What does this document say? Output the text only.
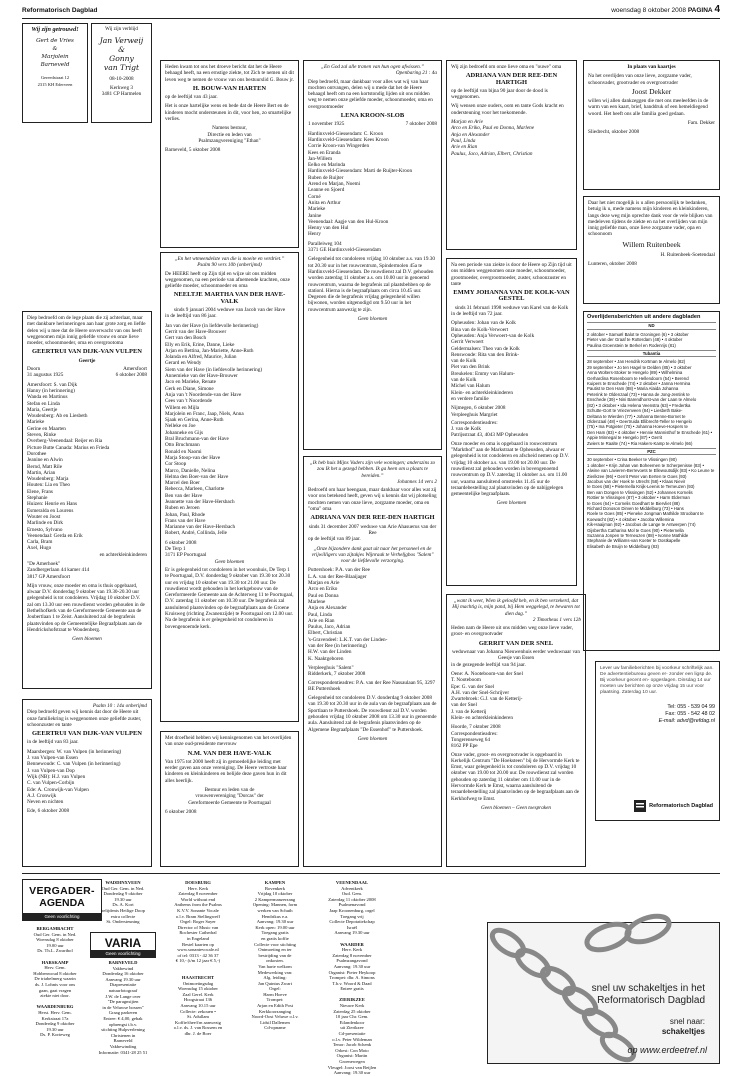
Reformatorisch Dagblad	woensdag 8 oktober 2008 PAGINA 4
Wij zijn getrouwd!
Gert de Vries
&
Marjolein Barneveld
Gereedstraat 12
2315 KH Ederveen
Wij zijn verblijd
Jan Verweij
&
Gonny
van Trigt
08-10-2008
Kerkweg 3
3481 CP Harmelen

Diep bedroefd om de lege plaats die zij achterlaat, maar met dankbare herinneringen aan haar grote zorg en liefde delen wij u mee dat de Heere onverwacht van ons heeft weggenomen mijn innig geliefde vrouw en onze lieve moeder, schoonmoeder, oma en overgrootoma

GEERTRUI VAN DIJK-VAN VULPEN
Geertje
Doorn	Amersfoort
31 augustus 1925	6 oktober 2008
Amersfoort: S. van Dijk
Hanny (in herinnering)
Wanda en Martinus
Stefan en Linda
Maria, Geertje
Woudenberg: Ab en Liesbeth
Marieke
Gerine en Maarten
Steven, Rinke
Overberg-Veenendaal: Reijer en Ria
Picture Butte Canada: Marius en Frieda
Dorothee
Jeanine en Alwin
Bernd, Matt Rile
Martin, Arian
Woudenberg: Marja
Houten: Lia en Theo
Elene, Frans
Stephanie
Huizen: Henrie en Hans
Esmeralda en Lourens
Wouter en Joost
Marlinde en Dirk
Ernesto, Sylvano
Veenendaal: Gerda en Erik
Carla, Bram
Axel, Hugo
en achterkleinkinderen
"De Amerhoek"
Zandbergerlaan 44 kamer 414
3817 GP Amersfoort

Mijn vrouw, onze moeder en oma is thuis opgebaard, alwaar D.V. donderdag 9 oktober van 19.30-20.30 uur gelegenheid is tot condoleren. Vrijdag 10 oktober D.V. zal om 13.30 uur een rouwdienst worden gehouden in de Bethelhofkerk van de Gereformeerde Gemeente aan de Joubertlaan 1 te Zeist. Aansluitend zal de begrafenis plaatsvinden op de Gemeentelijke Begraafplaats aan de Hendrickshofstraat te Woudenberg.

Geen bloemen
Psalm 10 : 14a onberijmd

Diep bedroefd geven wij kennis dat door de Heere uit onze familiekring is weggenomen onze geliefde zuster, schoonzuster en tante

GEERTRUI VAN DIJK-VAN VULPEN

in de leeftijd van 83 jaar.

Maarsbergen: W. van Vulpen (in herinnering)
J. van Vulpen-van Essen
Bennewoude: C. van Vulpen (in herinnering)
J. van Vulpen-van Dop
Wijk (NB): H.J. van Vulpen
C. van Vulpen-Corbijn
Ede: A. Cronwijk-van Vulpen
A.J. Cronwijk
Neven en nichten
Ede, 6 oktober 2008

Heden kwam tot ons het droeve bericht dat het de Heere behaagd heeft, na een ernstige ziekte, tot Zich te nemen uit dit leven weg te nemen de vrouw van ons bestuurslid G. Bouw jr.

H. BOUW-VAN HARTEN

op de leeftijd van 43 jaar.

Het is onze hartelijke wens en bede dat de Heere Bert en de kinderen mocht ondersteunen in dit, voor hen, zo smartelijke verlies.

Namens bestuur,
Directie en leden van
Psalmzangvereniging "Ethan"
Barneveld, 5 oktober 2008
„En het wtmeendelste van die is moeite en verdriet.”
Psalm 90 vers 10b (onberijmd)

De HEERE heeft op Zijn tijd en wijze uit ons midden weggenomen, na een periode van afnemende krachten, onze geliefde moeder, schoonmoeder en oma

NEELTJE MARTHA VAN DER HAVE-VALK
sinds 9 januari 2004 weduwe van Jacob van der Have

in de leeftijd van 86 jaar.

Jan van der Have (in liefdevolle herinnering)
Gerrit van der Have-Brouwer
Gert van den Bosch
Elly en Erik, Erine, Danne, Lieke
Arjan en Bettina, Jan-Mariette, Anne-Ruth
Jolanda en Alfred, Maurice, Julian
Gerard en Wendy
Siem van der Have (in liefdevolle herinnering)
Annemieke van der Have-Brouwer
Jaco en Marieke, Renate
Gerk en Diane, Simone
Anja van 't Noordende-van der Have
Cees van 't Noordende
Willem en Mijla
Marjolein en Franc, Jaap, Niels, Anna
Sjaak en Gerina, Anne-Ruth
Nelleke en Joe
Johanneke en Gijs
Bral Bruchmann-van der Have
Otto Bruchmann
Ronald en Naomi
Marja Stoop-van der Have
Cor Stoop
Marco, Danielle, Nelina
Helma den Boer-van der Have
Marcel den Boer
Rebecca, Marleen, Charlotte
Ben van der Have
Jeannette van der Have-Hersbach
Ruben en Jeroen
Johan, Paul, Rhode
Frans van der Have
Marianne van der Have-Hersbach
Robert, André, Collinda, Jelle
6 oktober 2008
De Terp 1
3171 EP Poortugaal
Geen bloemen

Er is gelegenheid tot condoleren in het woonhuis, De Terp 1 te Poortugaal, D.V. donderdag 9 oktober van 19.30 tot 20.30 uur en vrijdag 10 oktober van 19.30 tot 21.00 uur. De rouwdienst wordt gehouden in het kerkgebouw van de Gereformeerde Gemeente aan de Achterweg 11 te Poortugaal, D.V. zaterdag 11 oktober om 10.30 uur. De begrafenis zal aansluitend plaatsvinden op de begraafplaats aan de Groene Kruisweg (richting Zwanenzijde) te Poortugaal om 12.00 uur. Na de begrafenis is er gelegenheid tot condoleren in bovengenoemde kerk.

Met droefheid hebben wij kennisgenomen van het overlijden van onze oud-presidente mevrouw

N.M. VAN DER HAVE-VALK

Van 1975 tot 2000 heeft zij in gemoedelijke leiding met eerder gaven aan onze vereniging. De Heere vertroste haar kinderen en kleinkinderen en belijde deze gaven hun in dit alles heerlijk.

Bestuur en leden van de
vrouwenvereniging "Dorcas" der
Gereformeerde Gemeente te Poortugaal
6 oktober 2008
„En God zal alle tranen van hun ogen afwissen.”
Openbaring 21 : 4a

Diep bedroefd, maar dankbaar voor alles wat wij van haar mochten ontvangen, delen wij u mede dat het de Heere behaagd heeft om na een kortstondig lijden uit ons midden weg te nemen onze geliefde moeder, schoonmoeder, oma en overgrootmoeder

LENA KROON-SLOB
1 november 1925	7 oktober 2008
Hardinxveld-Giessendam: C. Kroon
Hardinxveld-Giessendam: Kees Kroon
Corrie Kroon-van Wingerden
Kees en Eranda
Jan-Willem
Eelko en Marinda
Hardinxveld-Giessendam: Marti de Ruijter-Kroon
Ruben de Ruijter
Arend en Marjan, Noemi
Leanne en Sjoerd
Corné
Anita en Arthur
Marieke
Janine
Veenendaal: Aagje van den Hul-Kroon
Henny van den Hul
Henry
Paralleiweg 104
3371 GE Hardinxveld-Giessendam

Gelegenheid tot condoleren vrijdag 10 oktober a.s. van 19.30 tot 20.30 uur in het rouwcentrum, Spindermolen 45a te Hardinxveld-Giessendam. De rouwdienst zal D.V. gehouden worden zaterdag 11 oktober a.s. om 10.00 uur in genoemd rouwcentrum, waarna de begrafenis zal plaatsbehben op de stationl. Hierna is de begraafplaats om circa 10.45 uur. Degenen die de begrafenis vrijdag gelegenheid willen bijwonen, worden uitgenodigd om 9.50 uur in het rouwcentrum aanwezig te zijn.

Geen bloemen
„Ik heb huis Mijns Vaders zijn vele woningen; anderszins zo zou Ik het u gezegd hebben. Ik ga heen om u plaats te bereiden.”
Johannes 14 vers 2

Bedroefd om haar heengaan, maar dankbaar voor alles wat zij voor ons betekend heeft, geven wij u kennis dat wij plotseling mochten nemen van onze lieve, zorgzame moeder, oma en "oma" oma

ADRIANA VAN DER REE-DEN HARTIGH
sinds 31 december 2007 weduwe van Arie Ahasuerus van der Ree

op de leeftijd van 89 jaar.

„Onze bijzondere dank gaat uit naar het personeel en de vrijwilligers van zijtakjes Wijnraak te Verheljgbos "Salem" voor de liefdevolle verzorging.

Puttershoek: P.A. van der Ree
L.A. van der Ree-Blaaijager
Marjan en Arie
Arco en Eriko
Paul en Donna
Marlene
Anja en Alexander
Paul, Linda
Arie en Rian
Paulus, Jaco, Adrian
Elbert, Christian
's-Gravendeel: L.K.T. van der Linden-
van der Ree (in herinnering)
H.W. van der Linden
K. Naaktgeboren
Verpleeghuis "Salem"
Ridderkerk, 7 oktober 2008

Correspondentieadres: P.A. van der Ree Nassaulaan 95, 3297 BE Puttershoek

Gelegenheid tot condoleren D.V. donderdag 9 oktober 2008 van 19.30 tot 20.30 uur in de aula van de begraafplaats aan de Sportlaan te Puttershoek. De rouwdienst zal D.V. worden gehouden vrijdag 10 oktober 2008 om 13.30 uur in genoemde aula. Aansluitend zal de begrafenis plaatsvinden op de Algemene Begraafplaats "De Essenhof" te Puttershoek.

Geen bloemen

Wij zijn bedroefd om onze lieve oma en "ouwe" oma

ADRIANA VAN DER REE-DEN HARTIGH

op de leeftijd van bijna 90 jaar door de dood is weggenomen.

Wij wensen onze ouders, oom en tante Gods kracht en ondersteuning voor het toekomende.

Marjan en Arie
Arco en Eriko, Paul en Donna, Marlene
Anja en Alexander
Paul, Linda
Arie en Rian
Paulus, Jaco, Adrian, Elbert, Christian

Na een periode van ziekte is door de Heere op Zijn tijd uit ons midden weggenomen onze moeder, schoonmoeder, grootmoeder, overgrootmoeder, zuster, schoonzuster en tante

EMMY JOHANNA VAN DE KOLK-VAN GESTEL
sinds 31 februari 1998 weduwe van Karel van de Kolk

in de leeftijd van 72 jaar.

Opheusden: Johan van de Kolk
Bina van de Kolk-Verwoert
Opheusden: Anja Verwoert-van de Kolk
Gerrit Verwoert
Geldermalsen: Theo van de Kolk
Renswoude: Rita van den Brink-
van de Kolk
Piet van den Brink
Breukelen: Emmy van Halum-
van de Kolk
Michel van Halum
Klein- en achterkleinkinderen
en verdere familie
Nijmegen, 6 oktober 2008
Verpleeghuis Margriet
Correspondentieadres:
J. van de Kolk
Patrijsstraat 43, 4043 MP Opheusden

Onze moeder en oma is opgebaard in rouwcentrum "Markthof" aan de Markstraat te Opheusden, alwaar er gelegenheid is tot condoleren en afscheid nemen op D.V. vrijdag 10 oktober a.s. van 19.00 tot 20.00 uur. De rouwdienst zal gehouden worden in bovengenoemd rouwcentrum op D.V. zaterdag 11 oktober a.s. om 11.00 uur, waarna aansluitend omstreeks 11.45 uur de teraardebestelling zal plaatsvinden op de nabijgelegen gemeentelijke begraafplaats.

Geen bloemen
„want ik weet, Wien ik geloofd heb, en ik ben verzekerd, dat Hij machtig is, mijn pand, bij Hem weggelegd, te bewaren tot dien dag.”
2 Timotheus 1 vers 12b

Heden nam de Heere uit ons midden weg onze lieve vader, groot- en overgrootvader

GERRIT VAN DER SNEL
weduwnaar van Johanna Nieuwenhuis eerder weduwnaar van Geesje van Essen

in de gezegende leeftijd van 94 jaar.

Oene: A. Nooteboom-van der Snel
T. Nooteboom
Epe: G. van der Snel
A.H. van der Snel-Schrijver
Zwartebroek: G.J. van de Ketterij-
van der Snel
J. van de Ketterij
Klein- en achterkleinkinderen
Hoorde, 7 oktober 2008
Correspondentieadres:
Tongerenseweg 64
8162 PP Epe

Onze vader, groot- en overgrootvader is opgebaard in Kerkelijk Centrum "De Hoeksteen" bij de Hervormde Kerk te Emst, waar gelegenheid is tot condoleren op D.V. vrijdag 10 oktober van 19.00 tot 20.00 uur. De rouwdienst zal worden gehouden op zaterdag 11 oktober om 11.00 uur in de Hervormde Kerk te Emst, waarna aansluitend de teraardebestelling zal plaatsvinden op de begraafplaats aan de Kerkhofweg te Emst.

Geen bloemen – Geen toespraken
In plaats van kaartjes

Na het overlijden van onze lieve, zorgzame vader, schoonvader, grootvader en overgrootvader

Joost Dekker

willen wij allen dankzeggen die met ons meeleefden in de warm van een kaart, brief, handdruk of een hemeldiegend woord. Het heeft ons alle familia goed gedaan.

Fam. Dekker
Sliedrecht, oktober 2008

Daar het niet mogelijk is u allen persoonlijk te bedanken, betuig ik u, mede namens mijn kinderen en kleinkinderen, langs deze weg mijn oprechte dank voor de vele blijken van medeleven tijdens de ziekte en na het overlijden van mijn innig geliefde man, onze lieve zorgzame vader, opa en schoonoom

Willem Ruitenbeek
H. Ruitenbeek-Soetendaal
Lunteren, oktober 2008
Overlijdensberichten uit andere dagbladen
ND
2 oktober • Samuël Balot te Groningen (6) • 3 oktober
Pieter van der Graaf te Rotterdam (48) • 4 oktober
Paulina Groenstein te Berkel en Rodenrijs (81)
Tubantia
28 september • Jan Hendrik Kortman te Almelo (82)
29 september • Jo ten Hagel te Delden (85) • 3 oktober
Anna Wolters-Stoker te Hengelo (89) • Wilhelmina
Gerhardina Rosenboom te Hellendoorn (54) • Berend
Kuipers te Enschede (74) • 2 oktober • Janna Hermina
Pautist te Den Ham (88) • Maria Alaida Johanna
Peterink te Oldenzaal (73) • Hanna de Jong-Jentink te
Enschede (39) • Nini Barendhorst-van der Laan te Almelo
(82) • 3 oktober • Ida Helena Veenstra (63) • Fredertka
Schutte-Gort te Vriezenveen (84) • Liesbeth Bake-
Deltana te Wierden (77) • Johanna Benne-Bornet te
Oldenzaal (48) • Geertruida Ellibrecht-Teller te Hengelo
(75) • Ina Potgieter (70) • Johanna Hoeve-Hospers te
Den Ham (83) • 4 oktober • Hennie Mannisthof te Enschede (61) • Appie Minnegal te Hengelo (87) • Gerrit
Zwiers te Raalte (74) • Ria Hakers-Kamp te Almelo (66)
PZC
30 september • Crina Beeker te Vlissingen (90)
1 oktober • Krijn Johan van Boheemen te Scherpenisse (83) • Alwine van Lavieren-Berrevoets te Ellewoutsdijk (83) • Ko Leune te Zierikzee (96) • Gerrit Peter van Eerten te Goes (93)
Jacobus van der Hoek te Utrecht (58) • Klaas Nievir
te Goes (68) • Pieternella Knijk-Leenis te Terneuzen (93)
Ben van Dongen te Vlissingen (52) • Johannes Kornelis
Rottier te Vlissingen (87) • 3 oktober • Harm Elderman
te Goes (64) • Cornelis Goedhart te Biervliet (88)
Richard Donoson Dirven te Middelburg (73) • Hans
Roele te Goes (85) • Pieneke Jongman Mathilde Stroobant te Koewacht (82) • 4 oktober • Jacoba Willemina
Kik-Haaijman (92) • Jacobus de Lange te Antwerpen (74)
Gijsbertha Catharina Mol te Goes (90) • Pieternella
Suzanna Jonpen te Terneuzen (88) • Ivonne Mathilde
Stephanie de Williams-van Koeter te Oostkapelle
Elisabeth de Bruijn te Middelburg (83)
Lever uw familieberichten bij voorkeur schriftelijk aan. De advertentiebureau geven er- zonder een ligsp de. Bij voorkeur gecent en- opgeslagen. Dinsdag 14 uur moeten uw berichten op onze vrijdag 15 uur voor plaatsing. Zaterdag 10 uur.
Tel: 055 - 539 04 99
Fax: 055 - 542 48 02
E-mail: advd@refdag.nl
Reformatorisch Dagblad
VERGADER-
AGENDA
Geen voorlichting
VARIA
Geen voorlichting
BERGAMBACHT
Oud Ger. Gem. in Ned.
Woensdag 8 oktober
19.00 uur
Ds. Th.L. Zwartbol

HARSKAMP
Herv. Gem.
Hobbenwoud 8 oktober
De triabelmerg waarin
ds. J. Lohnis voor ons
gaan, gaat vragen
ziekte niet door.

WAARDENBURG
Herst. Herv. Gem.
Kerkstraat 17a
Donderdag 9 oktober
19.30 uur
Ds. P. Korteweg
WADDINXVEEN
Oud Ger. Gem. in Ned.
Donderdag 9 oktober
19.30 uur
Ds. A. Kort
belijdenis Heilige Doop
extra collecte
St. Ondersteuning

BARNEVELD
Vakbewind
Donderdag 16 oktober
Aanvang 19.30 uur
Diapresentatie
natuurfotograaf
J.W. de Lange over
"De paragnsijien
in de Veluwse bossen"
Graag parkeren
Entree: € 4,00, gebak
opbrengst t.b.v.
stichting Hulpverlening
Christenen in
Barneveld
Vakbewinding
Informatie: 0341-28 25 51
DOESBURG
Herv. Kerk
Zaterdag 8 november
World without end
Anthems from the Psalms
K.V.V. Sonante Vocale
o.l.v. Bram Stellingweff
Orgel: Roger Sayer
Director of Music van
Rochester Cathedral
in Engeland
Bestel kaarten op
www.sonantevocale.nl
of tel: 0313 - 42 36 37
€ 10,- (t/m 12 jaar € 5,-)

HAASTRECHT
Ontmoetingsdag
Woensdag 15 oktober
Zaal Gerel. Kerk
Hoogstraat 136
Aanvang 10.15 uur
Collecte: zekouen •
St. Adullam
Koffie/thee/frn aanwezig
o.l.v. ds. J. van Rossem en
dhr. J. de Boer
KAMPEN
Bovenkerk
Vrijdag 10 oktober
2 Kampermanzerzang
Opening: Mannen, form
werken van Schuth
Hendrikus e.a.
Aanvang: 19.30 uur
Kerk open: 19.00 uur
Toegang gratis
en gratis koffie
Collecte voor stichting
Ontmoeting en ter
bestrijding van de
onkosten.
Van harte welkom
Medewerking van:
Alg. leiding:
Jan Quintus Zwart
Orgel:
Harm Hoeve
Trompet:
Arjan en Edith Post
Kerkkoorzanging
Noord-Oost Veluwe o.l.v.
Lidsil Dallemen
Cd-opname
VEENENDAAL
Adventkerk
Oud. Gem.
Zaterdag 11 oktober 2008
Psalmenavond
Jaap Kroonenburg, orgel
Toegang vrij
Collecte Depotatiekchap
Israël
Aanvang 19.30 uur

WAARDER
Herv. Kerk
Zaterdag 8 november
Psalmzangavond
Aanvang: 19.30 uur
Organist: Pieter Heykoop
Trompet: dhr. A. Simons
T.b.v. Woord & Daad
Entree gratis

ZIERIKZEE
Nieuwe Kerk
Zaterdag 25 oktober
10 jaar Chr. Gem.
Eilandenkoor
uit Zierikzee
Cd-presentatie
o.l.v. Peter Wildeman
Tenor: Jacob Schenk
Orkest: Con Moto
Organist: Martin
Groenewegen
Vleugel: Joost van Beijlen
Aanvang: 19.30 uur
snel uw schakeltjes in het
Reformatorisch Dagblad
snel naar:
schakeltjes
op www.erdeetref.nl
